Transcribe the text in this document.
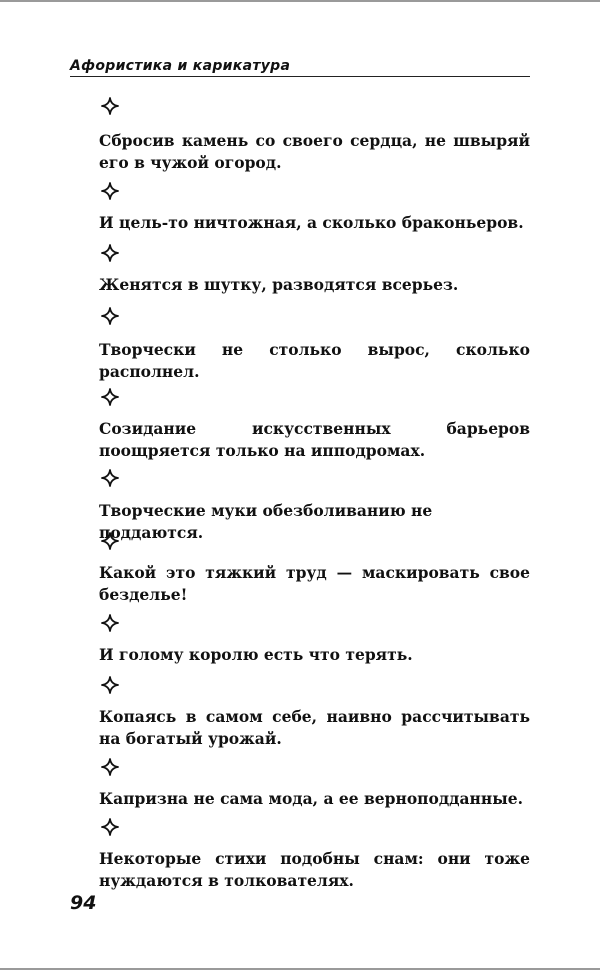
Афористика и карикатура
Сбросив камень со своего сердца, не швыряй его в чужой огород.
И цель-то ничтожная, а сколько браконьеров.
Женятся в шутку, разводятся всерьез.
Творчески не столько вырос, сколько располнел.
Созидание искусственных барьеров поощряется только на ипподромах.
Творческие муки обезболиванию не поддаются.
Какой это тяжкий труд — маскировать свое безделье!
И голому королю есть что терять.
Копаясь в самом себе, наивно рассчитывать на богатый урожай.
Капризна не сама мода, а ее верноподданные.
Некоторые стихи подобны снам: они тоже нуждаются в толкователях.
94
